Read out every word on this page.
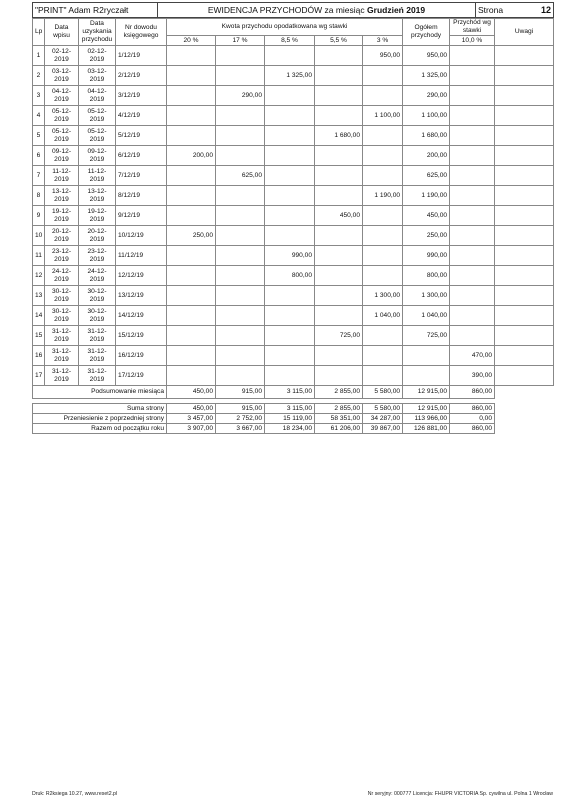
"PRINT" Adam R2ryczałt	EWIDENCJA PRZYCHODÓW za miesiąc Grudzień 2019	Strona	12
Lp	Data wpisu	Data uzyskania przychodu	Nr dowodu księgowego	Kwota przychodu opodatkowana wg stawki					Ogółem przychody	Przychód wg stawki	Uwagi
				20 %	17 %	8,5 %	5,5 %	3 %		10,0 %	
1	02-12-2019	02-12-2019	1/12/19					950,00	950,00		
2	03-12-2019	03-12-2019	2/12/19			1 325,00			1 325,00		
3	04-12-2019	04-12-2019	3/12/19		290,00				290,00		
4	05-12-2019	05-12-2019	4/12/19					1 100,00	1 100,00		
5	05-12-2019	05-12-2019	5/12/19				1 680,00		1 680,00		
6	09-12-2019	09-12-2019	6/12/19	200,00					200,00		
7	11-12-2019	11-12-2019	7/12/19		625,00				625,00		
8	13-12-2019	13-12-2019	8/12/19					1 190,00	1 190,00		
9	19-12-2019	19-12-2019	9/12/19				450,00		450,00		
10	20-12-2019	20-12-2019	10/12/19	250,00					250,00		
11	23-12-2019	23-12-2019	11/12/19			990,00			990,00		
12	24-12-2019	24-12-2019	12/12/19			800,00			800,00		
13	30-12-2019	30-12-2019	13/12/19					1 300,00	1 300,00		
14	30-12-2019	30-12-2019	14/12/19					1 040,00	1 040,00		
15	31-12-2019	31-12-2019	15/12/19				725,00		725,00		
16	31-12-2019	31-12-2019	16/12/19							470,00	
17	31-12-2019	31-12-2019	17/12/19							390,00	
Podsumowanie miesiąca				450,00	915,00	3 115,00	2 855,00	5 580,00	12 915,00	860,00	

Suma strony				450,00	915,00	3 115,00	2 855,00	5 580,00	12 915,00	860,00	
Przeniesienie z poprzedniej strony				3 457,00	2 752,00	15 119,00	58 351,00	34 287,00	113 966,00	0,00	
Razem od początku roku				3 907,00	3 667,00	18 234,00	61 206,00	39 867,00	126 881,00	860,00	
Druk: R2ksiega 10.27, www.reset2.pl	Nr seryjny: 000777 Licencja: FHUPR VICTORIA Sp. cywilna ul. Polna 1 Wrocław
